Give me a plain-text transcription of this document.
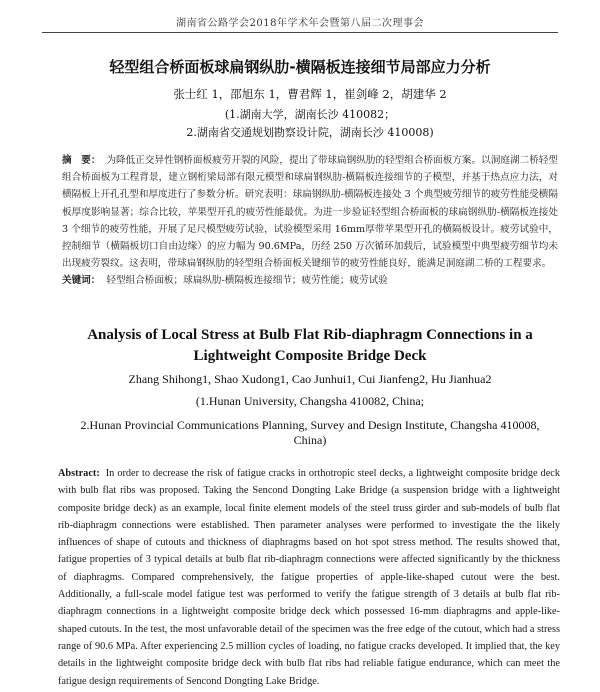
湖南省公路学会2018年学术年会暨第八届二次理事会
轻型组合桥面板球扁钢纵肋-横隔板连接细节局部应力分析
张士红 1，邵旭东 1，曹君辉 1，崔剑峰 2，胡建华 2
(1.湖南大学，湖南长沙 410082；
2.湖南省交通规划勘察设计院，湖南长沙 410008)
摘　要： 为降低正交异性钢桥面板疲劳开裂的风险，提出了带球扁钢纵肋的轻型组合桥面板方案。以洞庭湖二桥轻型组合桥面板为工程背景，建立钢桁梁局部有限元模型和球扁钢纵肋-横隔板连接细节的子模型，并基于热点应力法，对横隔板上开孔孔型和厚度进行了参数分析。研究表明：球扁钢纵肋-横隔板连接处 3 个典型疲劳细节的疲劳性能受横隔板厚度影响显著；综合比较，苹果型开孔的疲劳性能最优。为进一步验证轻型组合桥面板的球扁钢纵肋-横隔板连接处 3 个细节的疲劳性能，开展了足尺模型疲劳试验，试验模型采用 16mm厚带苹果型开孔的横隔板设计。疲劳试验中，控制细节（横隔板切口自由边缘）的应力幅为 90.6MPa，历经 250 万次循环加载后，试验模型中典型疲劳细节均未出现疲劳裂纹。这表明，带球扁钢纵肋的轻型组合桥面板关键细节的疲劳性能良好，能满足洞庭湖二桥的工程要求。
关键词： 轻型组合桥面板；球扁纵肋-横隔板连接细节；疲劳性能；疲劳试验
Analysis of Local Stress at Bulb Flat Rib-diaphragm Connections in a Lightweight Composite Bridge Deck
Zhang Shihong1, Shao Xudong1, Cao Junhui1, Cui Jianfeng2, Hu Jianhua2
(1.Hunan University, Changsha 410082, China;
2.Hunan Provincial Communications Planning, Survey and Design Institute, Changsha 410008, China)
Abstract: In order to decrease the risk of fatigue cracks in orthotropic steel decks, a lightweight composite bridge deck with bulb flat ribs was proposed. Taking the Sencond Dongting Lake Bridge (a suspension bridge with a lightweight composite bridge deck) as an example, local finite element models of the steel truss girder and sub-models of bulb flat rib-diaphragm connections were established. Then parameter analyses were performed to investigate the the likely influences of shape of cutouts and thickness of diaphragms based on hot spot stress method. The results showed that, fatigue properties of 3 typical details at bulb flat rib-diaphragm connections were affected significantly by the thickness of diaphragms. Compared comprehensively, the fatigue properties of apple-like-shaped cutout were the best. Additionally, a full-scale model fatigue test was performed to verify the fatigue strength of 3 details at bulb flat rib-diaphragm connections in a lightweight composite bridge deck which possessed 16-mm diaphragms and apple-like-shaped cutouts. In the test, the most unfavorable detail of the specimen was the free edge of the cutout, which had a stress range of 90.6 MPa. After experiencing 2.5 million cycles of loading, no fatigue cracks developed. It implied that, the key details in the lightweight composite bridge deck with bulb flat ribs had reliable fatigue endurance, which can meet the fatigue design requirements of Sencond Dongting Lake Bridge.
